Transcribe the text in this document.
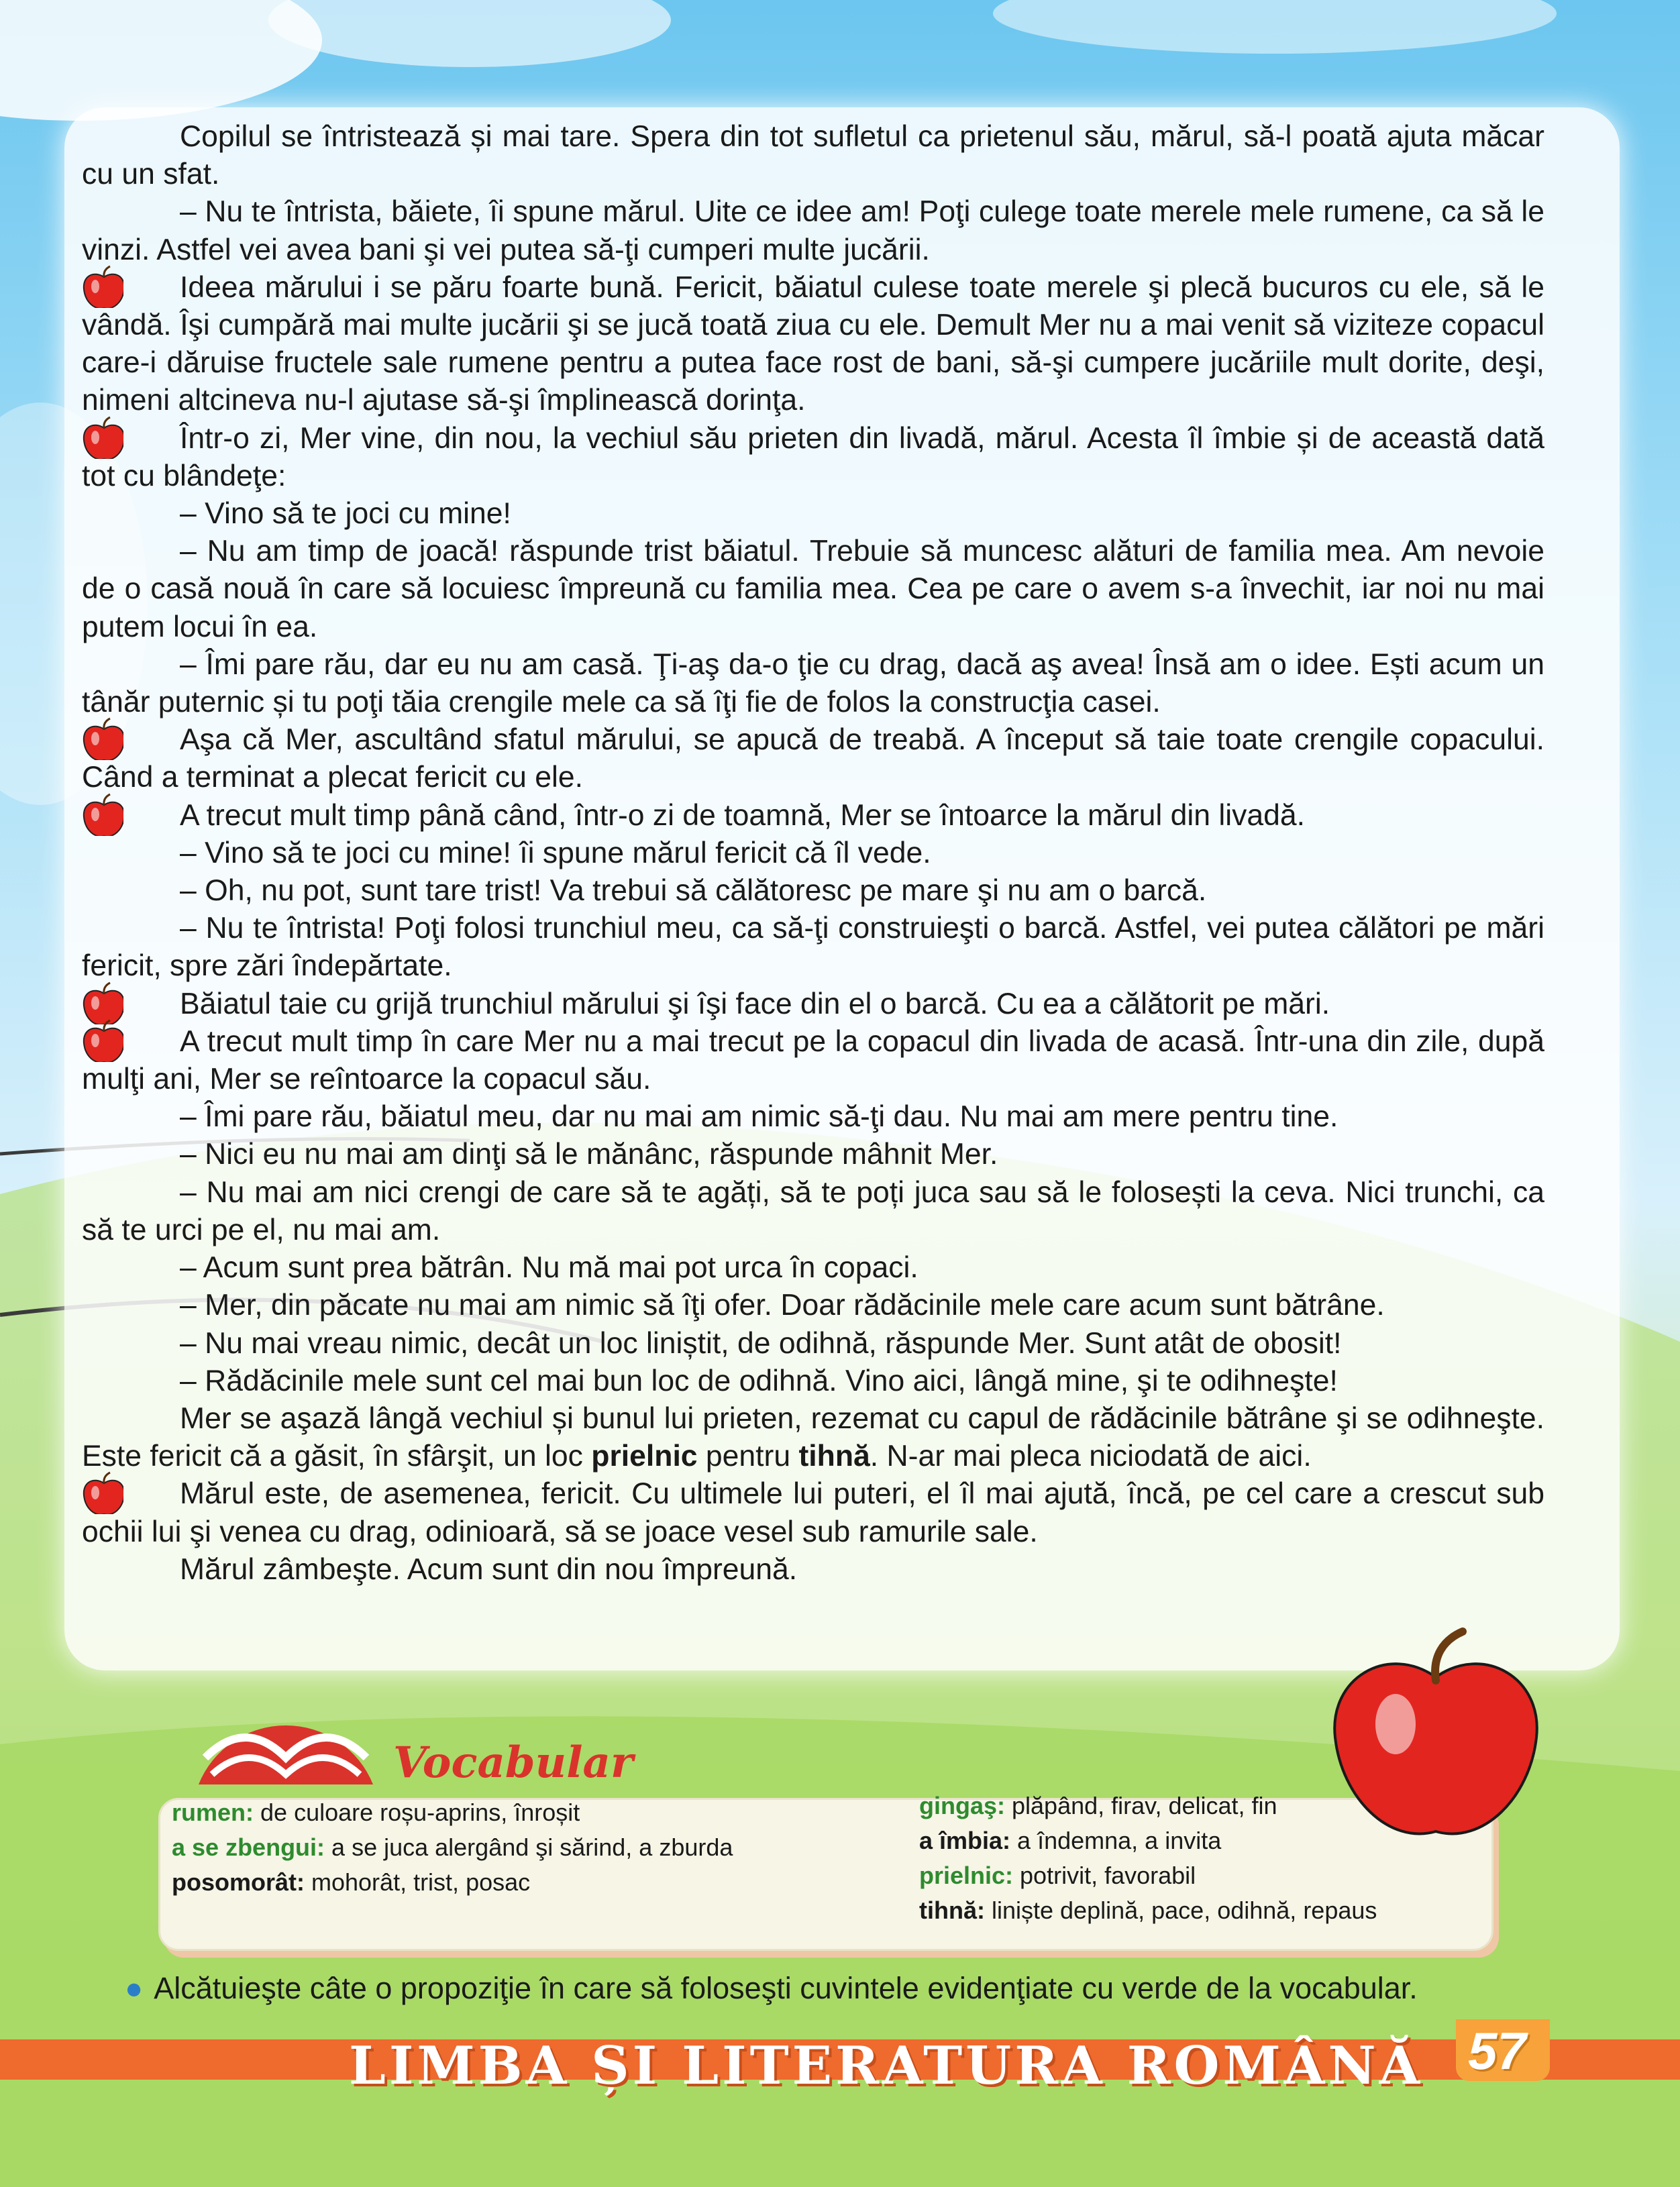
Copilul se întristează și mai tare. Spera din tot sufletul ca prietenul său, mărul, să-l poată ajuta măcar cu un sfat.

– Nu te întrista, băiete, îi spune mărul. Uite ce idee am! Poţi culege toate merele mele rumene, ca să le vinzi. Astfel vei avea bani şi vei putea să-ţi cumperi multe jucării.

Ideea mărului i se păru foarte bună. Fericit, băiatul culese toate merele şi plecă bucuros cu ele, să le vândă. Îşi cumpără mai multe jucării şi se jucă toată ziua cu ele. Demult Mer nu a mai venit să viziteze copacul care-i dăruise fructele sale rumene pentru a putea face rost de bani, să-şi cumpere jucăriile mult dorite, deşi, nimeni altcineva nu-l ajutase să-şi împlinească dorinţa.

Într-o zi, Mer vine, din nou, la vechiul său prieten din livadă, mărul. Acesta îl îmbie și de această dată tot cu blândeţe:

– Vino să te joci cu mine!

– Nu am timp de joacă! răspunde trist băiatul. Trebuie să muncesc alături de familia mea. Am nevoie de o casă nouă în care să locuiesc împreună cu familia mea. Cea pe care o avem s-a învechit, iar noi nu mai putem locui în ea.

– Îmi pare rău, dar eu nu am casă. Ţi-aş da-o ţie cu drag, dacă aş avea! Însă am o idee. Ești acum un tânăr puternic și tu poţi tăia crengile mele ca să îţi fie de folos la construcţia casei.

Aşa că Mer, ascultând sfatul mărului, se apucă de treabă. A început să taie toate crengile copacului. Când a terminat a plecat fericit cu ele.

A trecut mult timp până când, într-o zi de toamnă, Mer se întoarce la mărul din livadă.

– Vino să te joci cu mine! îi spune mărul fericit că îl vede.

– Oh, nu pot, sunt tare trist! Va trebui să călătoresc pe mare şi nu am o barcă.

– Nu te întrista! Poţi folosi trunchiul meu, ca să-ţi construieşti o barcă. Astfel, vei putea călători pe mări fericit, spre zări îndepărtate.

Băiatul taie cu grijă trunchiul mărului şi îşi face din el o barcă. Cu ea a călătorit pe mări.

A trecut mult timp în care Mer nu a mai trecut pe la copacul din livada de acasă. Într-una din zile, după mulţi ani, Mer se reîntoarce la copacul său.

– Îmi pare rău, băiatul meu, dar nu mai am nimic să-ţi dau. Nu mai am mere pentru tine.

– Nici eu nu mai am dinţi să le mănânc, răspunde mâhnit Mer.

– Nu mai am nici crengi de care să te agăți, să te poți juca sau să le folosești la ceva. Nici trunchi, ca să te urci pe el, nu mai am.

– Acum sunt prea bătrân. Nu mă mai pot urca în copaci.

– Mer, din păcate nu mai am nimic să îţi ofer. Doar rădăcinile mele care acum sunt bătrâne.

– Nu mai vreau nimic, decât un loc liniștit, de odihnă, răspunde Mer. Sunt atât de obosit!

– Rădăcinile mele sunt cel mai bun loc de odihnă. Vino aici, lângă mine, şi te odihneşte!

Mer se aşază lângă vechiul și bunul lui prieten, rezemat cu capul de rădăcinile bătrâne şi se odihneşte. Este fericit că a găsit, în sfârşit, un loc prielnic pentru tihnă. N-ar mai pleca niciodată de aici.

Mărul este, de asemenea, fericit. Cu ultimele lui puteri, el îl mai ajută, încă, pe cel care a crescut sub ochii lui şi venea cu drag, odinioară, să se joace vesel sub ramurile sale.

Mărul zâmbeşte. Acum sunt din nou împreună.

Vocabular
rumen: de culoare roșu-aprins, înroșit
a se zbengui: a se juca alergând şi sărind, a zburda
posomorât: mohorât, trist, posac
gingaş: plăpând, firav, delicat, fin
a îmbia: a îndemna, a invita
prielnic: potrivit, favorabil
tihnă: liniște deplină, pace, odihnă, repaus
● Alcătuieşte câte o propoziţie în care să foloseşti cuvintele evidenţiate cu verde de la vocabular.
LIMBA ȘI LITERATURA ROMÂNĂ 57
